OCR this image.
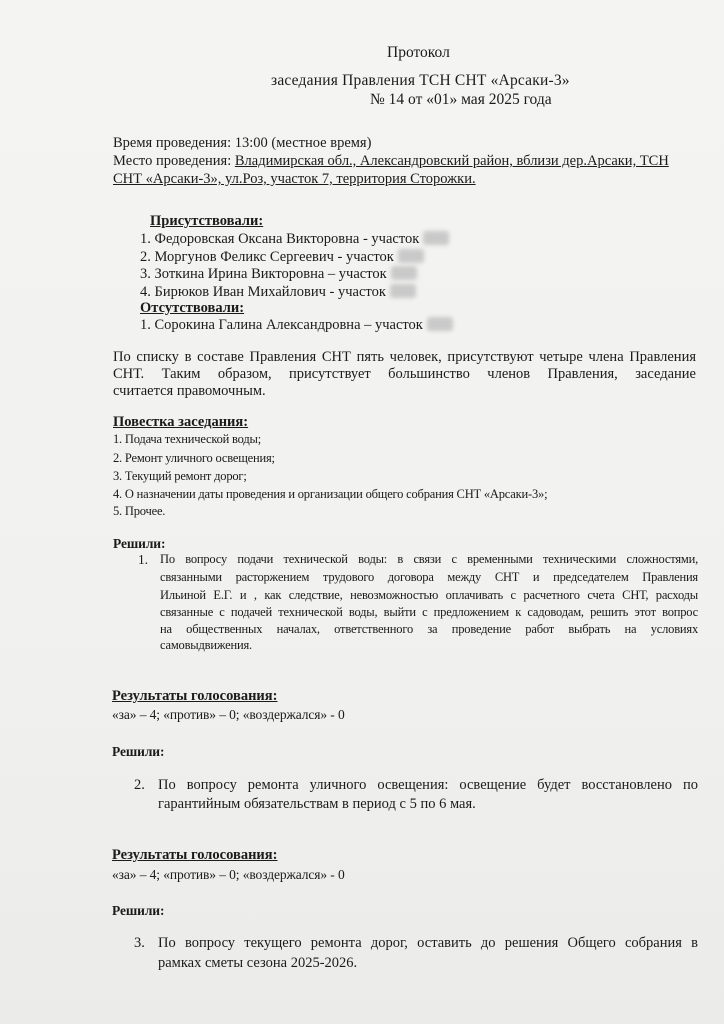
Протокол
заседания Правления ТСН СНТ «Арсаки-3»
№ 14 от «01» мая 2025 года
Время проведения: 13:00 (местное время)
Место проведения: Владимирская обл., Александровский район, вблизи дер.Арсаки, ТСН
СНТ «Арсаки-3», ул.Роз, участок 7, территория Сторожки.
Присутствовали:
1. Федоровская Оксана Викторовна - участок
2. Моргунов Феликс Сергеевич - участок
3. Зоткина Ирина Викторовна – участок
4. Бирюков Иван Михайлович - участок
Отсутствовали:
1. Сорокина Галина Александровна – участок
По списку в составе Правления СНТ пять человек, присутствуют четыре члена Правления
СНТ. Таким образом, присутствует большинство членов Правления, заседание
считается правомочным.
Повестка заседания:
1. Подача технической воды;
2. Ремонт уличного освещения;
3. Текущий ремонт дорог;
4. О назначении даты проведения и организации общего собрания СНТ «Арсаки-3»;
5. Прочее.
Решили:
1. По вопросу подачи технической воды: в связи с временными техническими сложностями,
связанными расторжением трудового договора между СНТ и председателем Правления
Ильиной Е.Г. и , как следствие, невозможностью оплачивать с расчетного счета СНТ, расходы
связанные с подачей технической воды, выйти с предложением к садоводам, решить этот вопрос
на общественных началах, ответственного за проведение работ выбрать на условиях
самовыдвижения.
Результаты голосования:
«за» – 4; «против» – 0; «воздержался» - 0
Решили:
2. По вопросу ремонта уличного освещения: освещение будет восстановлено по
гарантийным обязательствам в период с 5 по 6 мая.
Результаты голосования:
«за» – 4; «против» – 0; «воздержался» - 0
Решили:
3. По вопросу текущего ремонта дорог, оставить до решения Общего собрания в
рамках сметы сезона 2025-2026.
